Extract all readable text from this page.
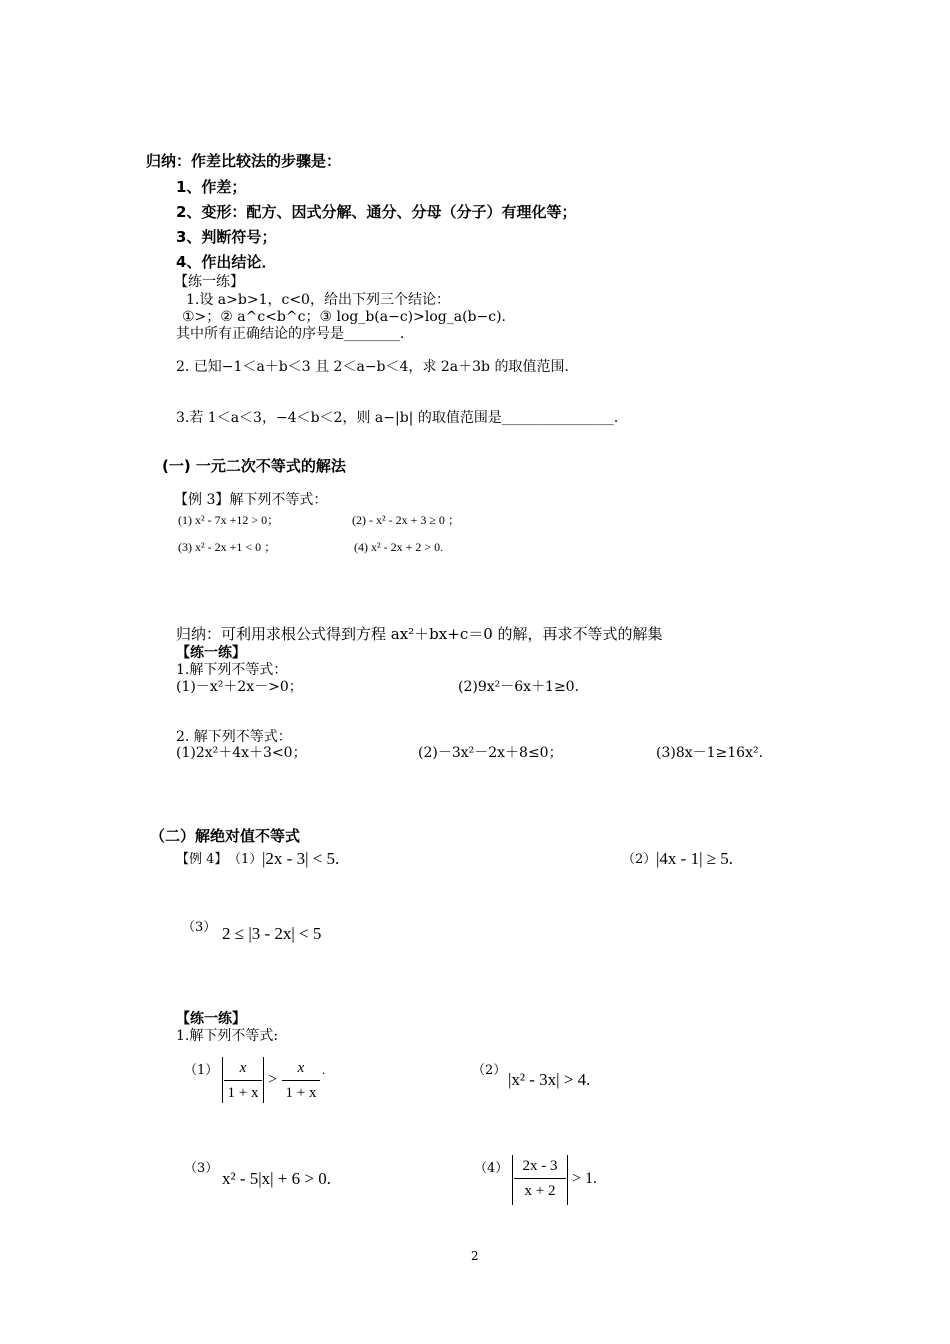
归纳：作差比较法的步骤是：
1、作差；
2、变形：配方、因式分解、通分、分母（分子）有理化等；
3、判断符号；
4、作出结论．
【练一练】
1.设 a>b>1，c<0，给出下列三个结论：
①>；② a^c<b^c；③ log_b(a−c)>log_a(b−c)．
其中所有正确结论的序号是________．
2. 已知−1＜a＋b＜3 且 2＜a−b＜4，求 2a＋3b 的取值范围．
3.若 1＜a＜3，−4＜b＜2，则 a−|b| 的取值范围是________________．
(一) 一元二次不等式的解法
【例 3】解下列不等式：
(1) x² - 7x +12 > 0；	(2) - x² - 2x + 3 ≥ 0 ；
(3) x² - 2x +1 < 0 ；	(4) x² - 2x + 2 > 0.
归纳：可利用求根公式得到方程 ax²＋bx+c＝0 的解，再求不等式的解集
【练一练】
1.解下列不等式：
(1)－x²＋2x－>0；	(2)9x²－6x＋1≥0.
2. 解下列不等式：
(1)2x²＋4x＋3<0；	(2)－3x²－2x＋8≤0；	(3)8x－1≥16x².
（二）解绝对值不等式
【例 4】 （1） |2x - 3| < 5.	（2） |4x - 1| ≥ 5.
（3） 2 ≤ |3 - 2x| < 5
【练一练】
1.解下列不等式:
$(1) \frac{x}{1 + x} > \frac{x}{1 + x}$ .	（2） |x² - 3x| > 4.
（3）
x² - 5|x| + 6 > 0.
$(4) \frac{2x - 3}{x + 2} > 1$.
2
